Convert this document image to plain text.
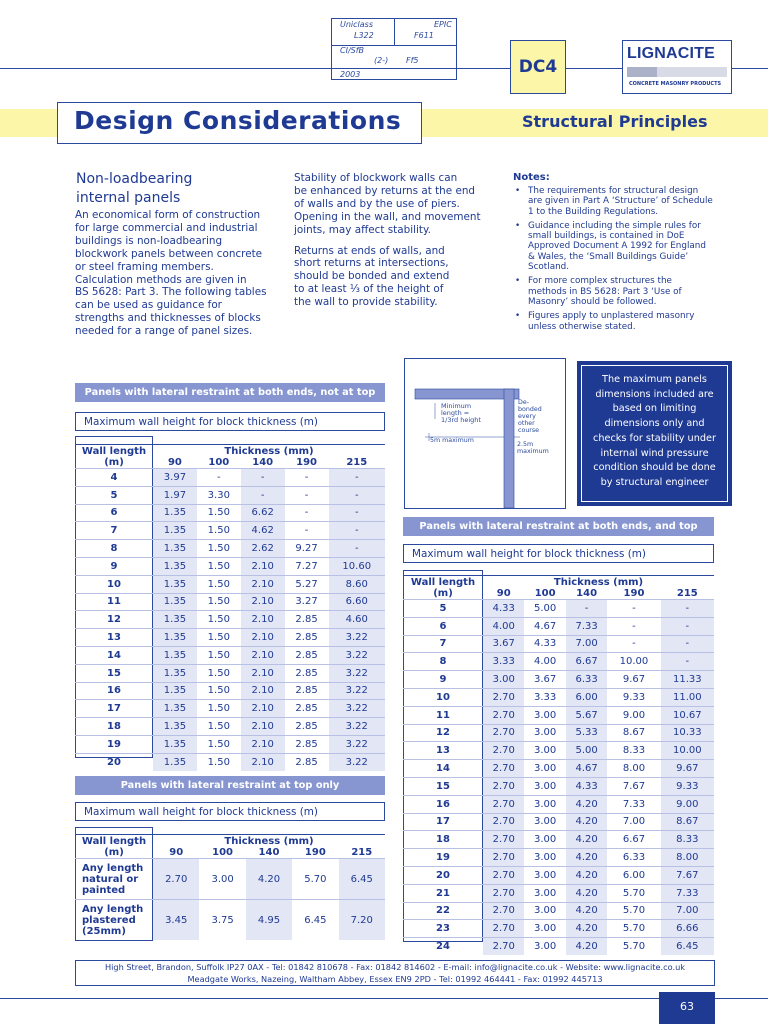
Uniclass
L322
EPIC
F611
CI/SfB
(2-) Ff5
2003	DC4
LIGNACITE
CONCRETE MASONRY PRODUCTS
Design Considerations	Structural Principles
Non-loadbearing
internal panels
An economical form of construction
for large commercial and industrial
buildings is non-loadbearing
blockwork panels between concrete
or steel framing members.
Calculation methods are given in
BS 5628: Part 3. The following tables
can be used as guidance for
strengths and thicknesses of blocks
needed for a range of panel sizes.
Stability of blockwork walls can
be enhanced by returns at the end
of walls and by the use of piers.
Opening in the wall, and movement
joints, may affect stability.
Returns at ends of walls, and
short returns at intersections,
should be bonded and extend
to at least ⅓ of the height of
the wall to provide stability.
Notes:
• The requirements for structural design are given in Part A ‘Structure’ of Schedule 1 to the Building Regulations.
• Guidance including the simple rules for small buildings, is contained in DoE Approved Document A 1992 for England & Wales, the ‘Small Buildings Guide’ Scotland.
• For more complex structures the methods in BS 5628: Part 3 ‘Use of Masonry’ should be followed.
• Figures apply to unplastered masonry unless otherwise stated.
Minimum
length =
1/3rd height
De-
bonded
every
other
course
5m maximum
2.5m
maximum
The maximum panels
dimensions included are
based on limiting
dimensions only and
checks for stability under
internal wind pressure
condition should be done
by structural engineer
Panels with lateral restraint at both ends, not at top
Maximum wall height for block thickness (m)
Wall length	Thickness (mm)				
(m)	90	100	140	190	215
4	3.97	-	-	-	-
5	1.97	3.30	-	-	-
6	1.35	1.50	6.62	-	-
7	1.35	1.50	4.62	-	-
8	1.35	1.50	2.62	9.27	-
9	1.35	1.50	2.10	7.27	10.60
10	1.35	1.50	2.10	5.27	8.60
11	1.35	1.50	2.10	3.27	6.60
12	1.35	1.50	2.10	2.85	4.60
13	1.35	1.50	2.10	2.85	3.22
14	1.35	1.50	2.10	2.85	3.22
15	1.35	1.50	2.10	2.85	3.22
16	1.35	1.50	2.10	2.85	3.22
17	1.35	1.50	2.10	2.85	3.22
18	1.35	1.50	2.10	2.85	3.22
19	1.35	1.50	2.10	2.85	3.22
20	1.35	1.50	2.10	2.85	3.22
Panels with lateral restraint at top only
Maximum wall height for block thickness (m)
Wall length	Thickness (mm)				
(m)	90	100	140	190	215
Any length natural or painted	2.70	3.00	4.20	5.70	6.45
Any length plastered (25mm)	3.45	3.75	4.95	6.45	7.20
Panels with lateral restraint at both ends, and top
Maximum wall height for block thickness (m)
Wall length	Thickness (mm)				
(m)	90	100	140	190	215
5	4.33	5.00	-	-	-
6	4.00	4.67	7.33	-	-
7	3.67	4.33	7.00	-	-
8	3.33	4.00	6.67	10.00	-
9	3.00	3.67	6.33	9.67	11.33
10	2.70	3.33	6.00	9.33	11.00
11	2.70	3.00	5.67	9.00	10.67
12	2.70	3.00	5.33	8.67	10.33
13	2.70	3.00	5.00	8.33	10.00
14	2.70	3.00	4.67	8.00	9.67
15	2.70	3.00	4.33	7.67	9.33
16	2.70	3.00	4.20	7.33	9.00
17	2.70	3.00	4.20	7.00	8.67
18	2.70	3.00	4.20	6.67	8.33
19	2.70	3.00	4.20	6.33	8.00
20	2.70	3.00	4.20	6.00	7.67
21	2.70	3.00	4.20	5.70	7.33
22	2.70	3.00	4.20	5.70	7.00
23	2.70	3.00	4.20	5.70	6.66
24	2.70	3.00	4.20	5.70	6.45
High Street, Brandon, Suffolk IP27 0AX - Tel: 01842 810678 - Fax: 01842 814602 - E-mail: info@lignacite.co.uk - Website: www.lignacite.co.uk
Meadgate Works, Nazeing, Waltham Abbey, Essex EN9 2PD - Tel: 01992 464441 - Fax: 01992 445713
63
